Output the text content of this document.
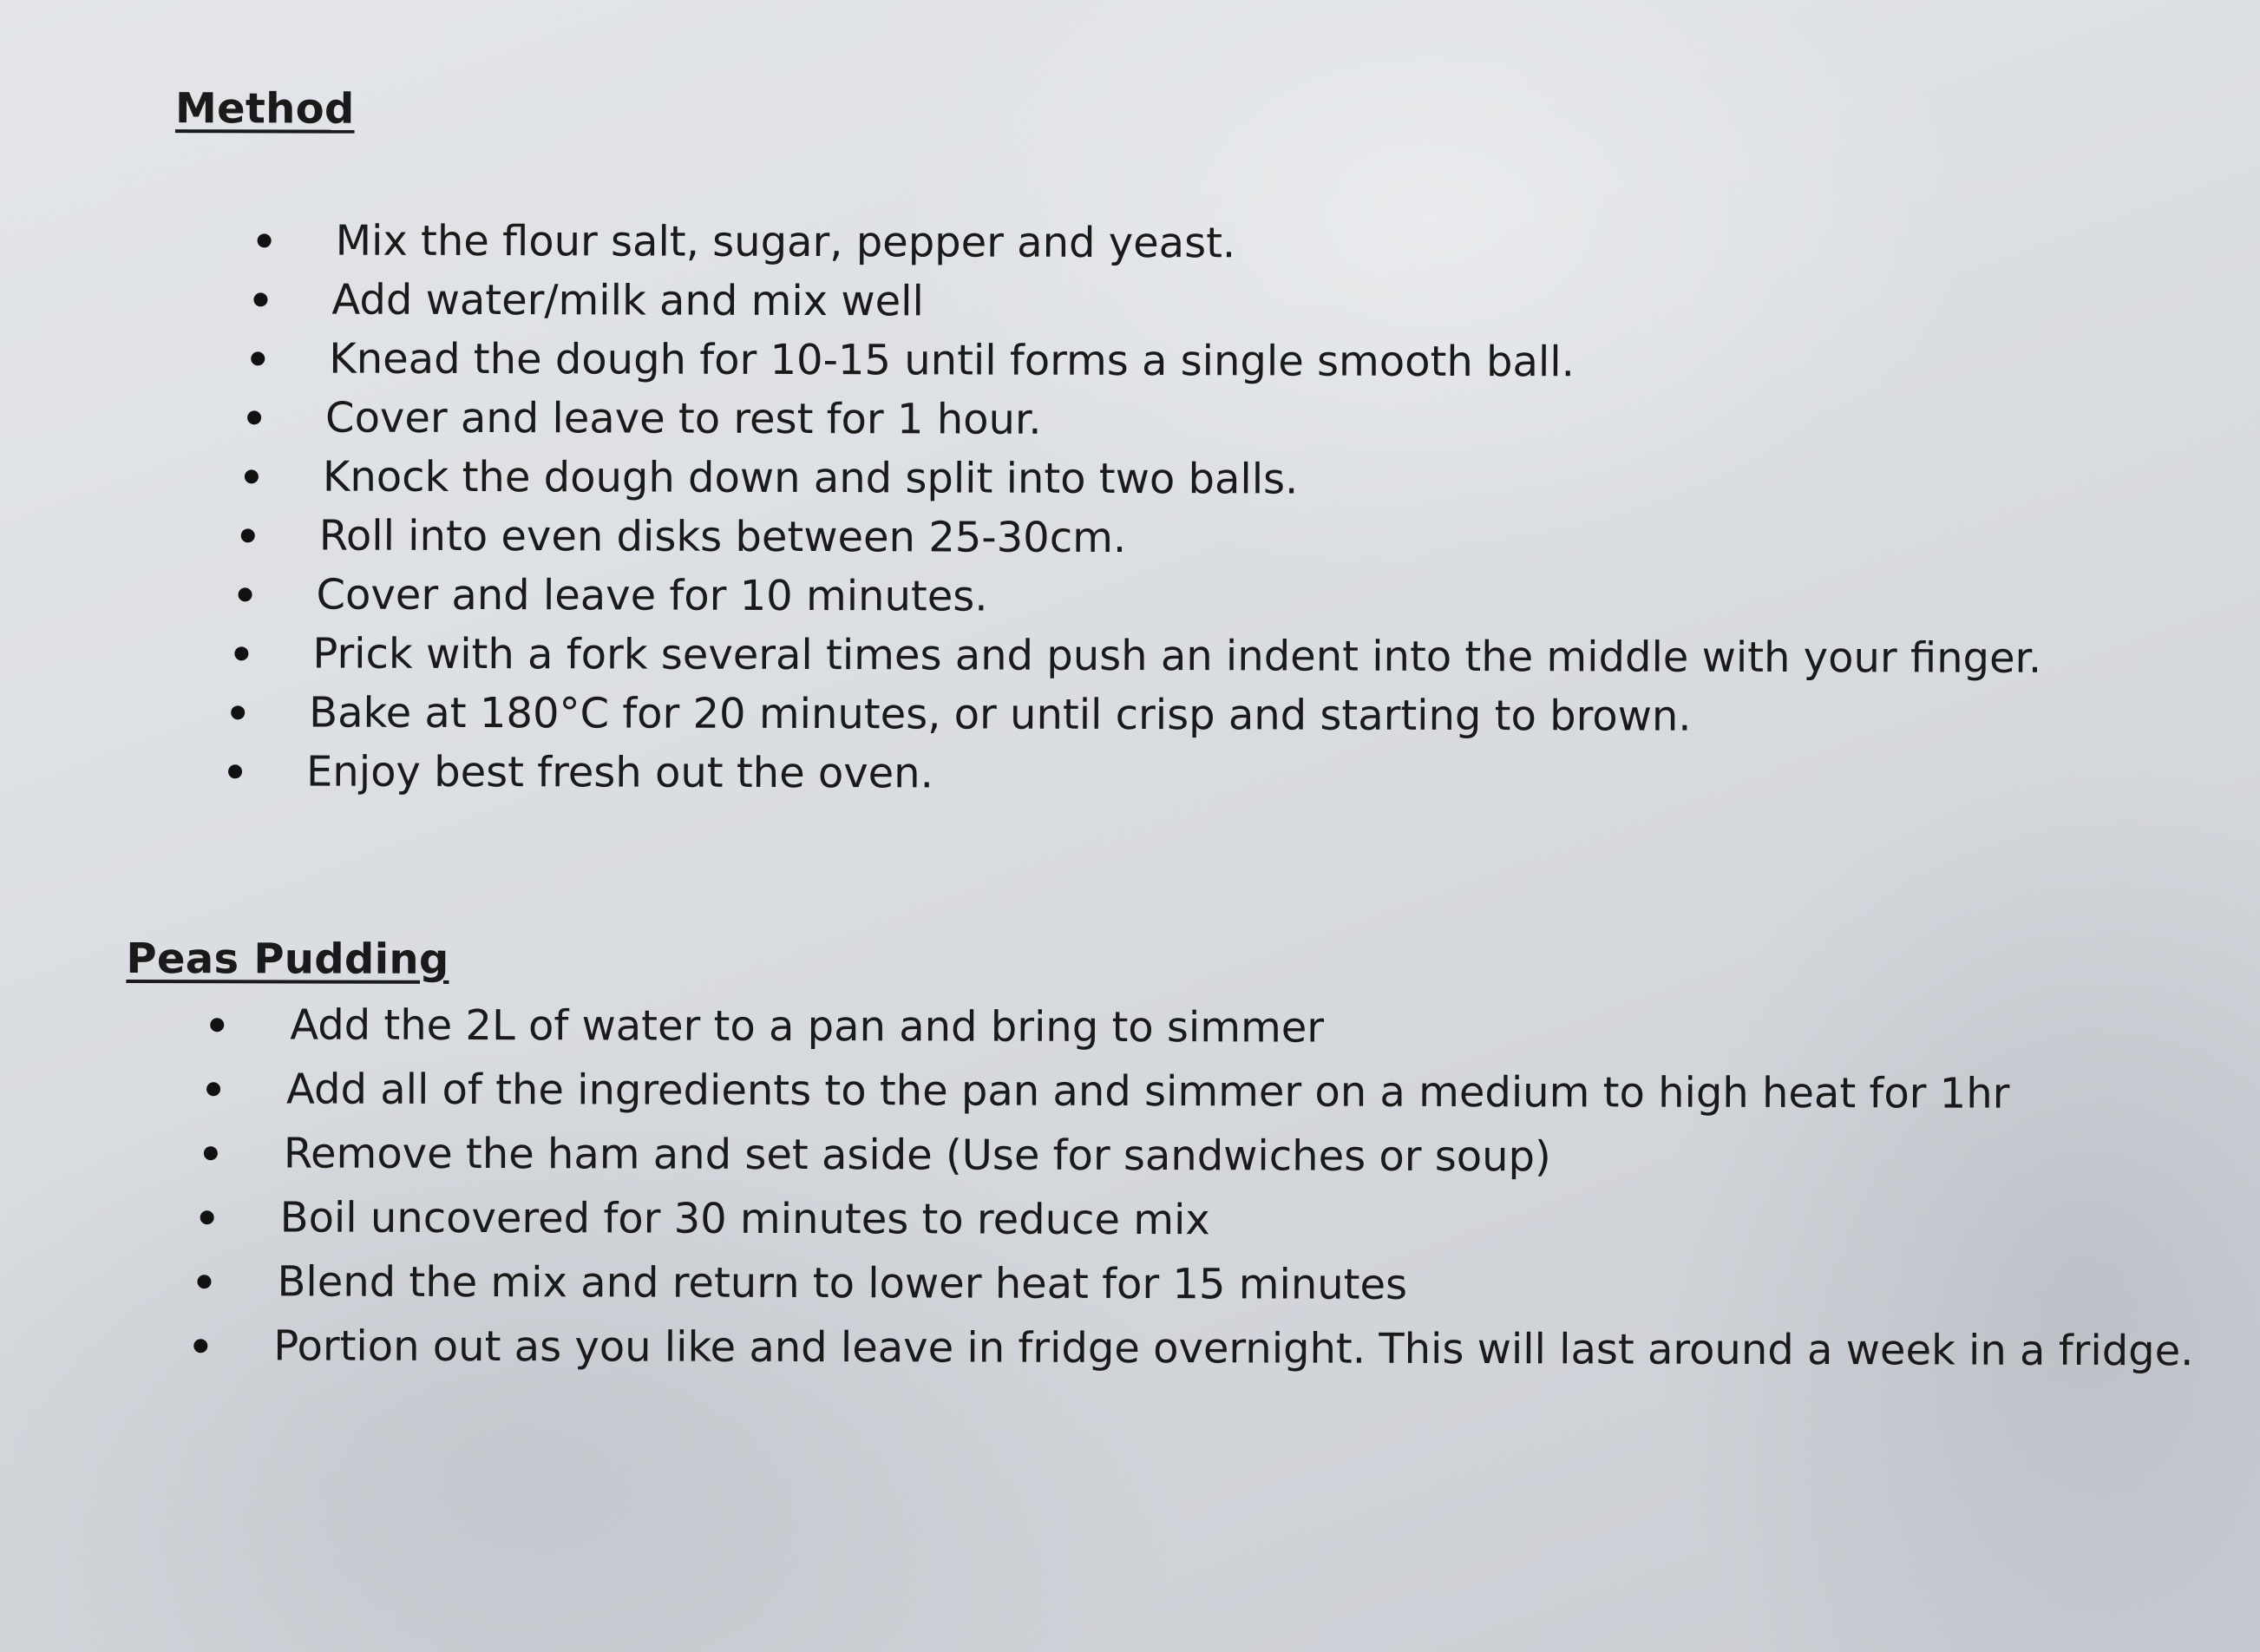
Method
Mix the flour salt, sugar, pepper and yeast.
Add water/milk and mix well
Knead the dough for 10-15 until forms a single smooth ball.
Cover and leave to rest for 1 hour.
Knock the dough down and split into two balls.
Roll into even disks between 25-30cm.
Cover and leave for 10 minutes.
Prick with a fork several times and push an indent into the middle with your finger.
Bake at 180°C for 20 minutes, or until crisp and starting to brown.
Enjoy best fresh out the oven.
Peas Pudding
Add the 2L of water to a pan and bring to simmer
Add all of the ingredients to the pan and simmer on a medium to high heat for 1hr
Remove the ham and set aside (Use for sandwiches or soup)
Boil uncovered for 30 minutes to reduce mix
Blend the mix and return to lower heat for 15 minutes
Portion out as you like and leave in fridge overnight. This will last around a week in a fridge.
